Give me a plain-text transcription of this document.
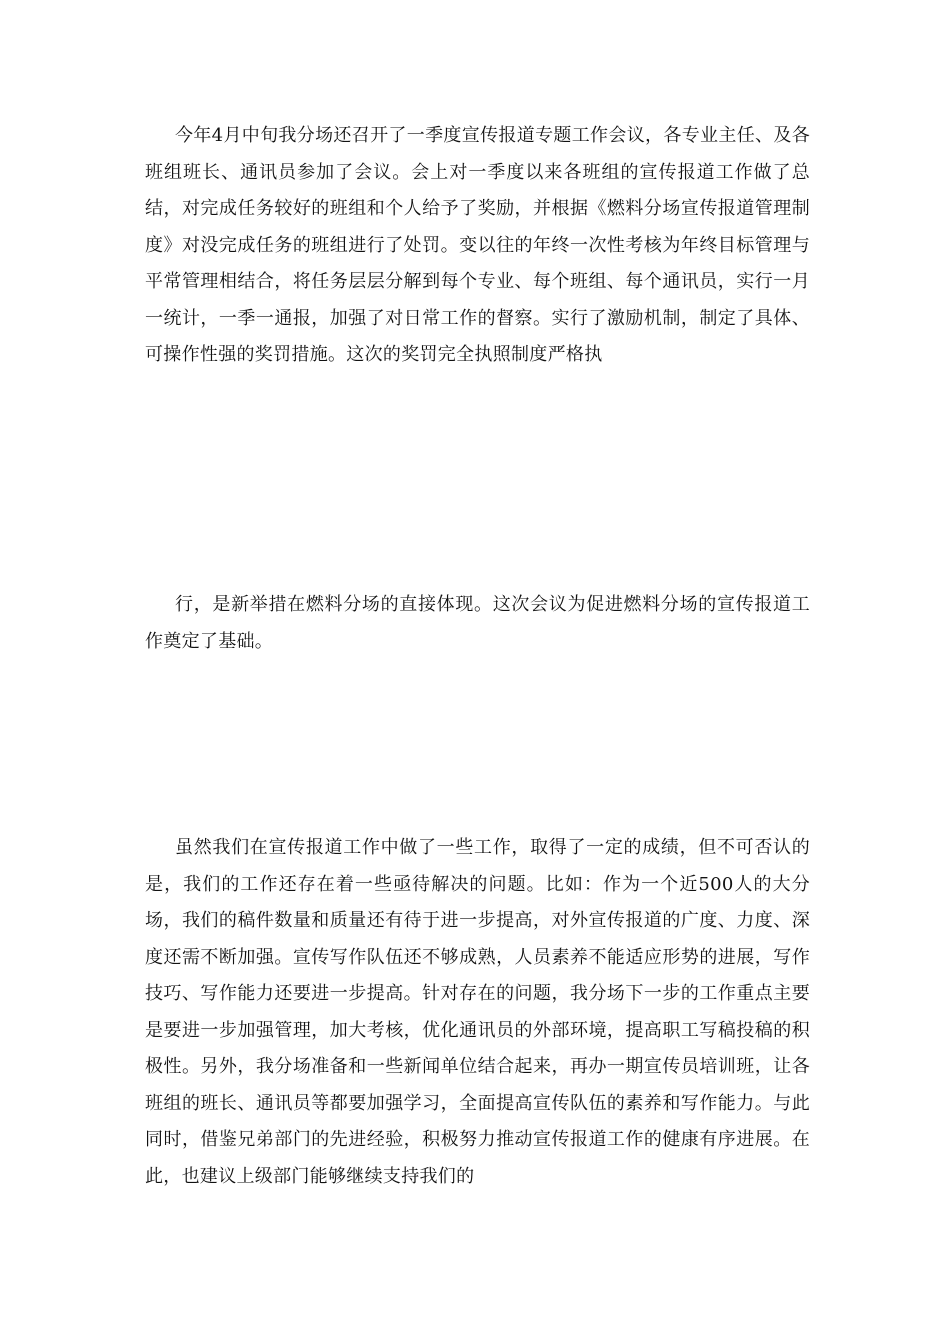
今年4月中旬我分场还召开了一季度宣传报道专题工作会议，各专业主任、及各班组班长、通讯员参加了会议。会上对一季度以来各班组的宣传报道工作做了总结，对完成任务较好的班组和个人给予了奖励，并根据《燃料分场宣传报道管理制度》对没完成任务的班组进行了处罚。变以往的年终一次性考核为年终目标管理与平常管理相结合，将任务层层分解到每个专业、每个班组、每个通讯员，实行一月一统计，一季一通报，加强了对日常工作的督察。实行了激励机制，制定了具体、可操作性强的奖罚措施。这次的奖罚完全执照制度严格执

行，是新举措在燃料分场的直接体现。这次会议为促进燃料分场的宣传报道工作奠定了基础。

虽然我们在宣传报道工作中做了一些工作，取得了一定的成绩，但不可否认的是，我们的工作还存在着一些亟待解决的问题。比如：作为一个近500人的大分场，我们的稿件数量和质量还有待于进一步提高，对外宣传报道的广度、力度、深度还需不断加强。宣传写作队伍还不够成熟，人员素养不能适应形势的进展，写作技巧、写作能力还要进一步提高。针对存在的问题，我分场下一步的工作重点主要是要进一步加强管理，加大考核，优化通讯员的外部环境，提高职工写稿投稿的积极性。另外，我分场准备和一些新闻单位结合起来，再办一期宣传员培训班，让各班组的班长、通讯员等都要加强学习，全面提高宣传队伍的素养和写作能力。与此同时，借鉴兄弟部门的先进经验，积极努力推动宣传报道工作的健康有序进展。在此，也建议上级部门能够继续支持我们的
